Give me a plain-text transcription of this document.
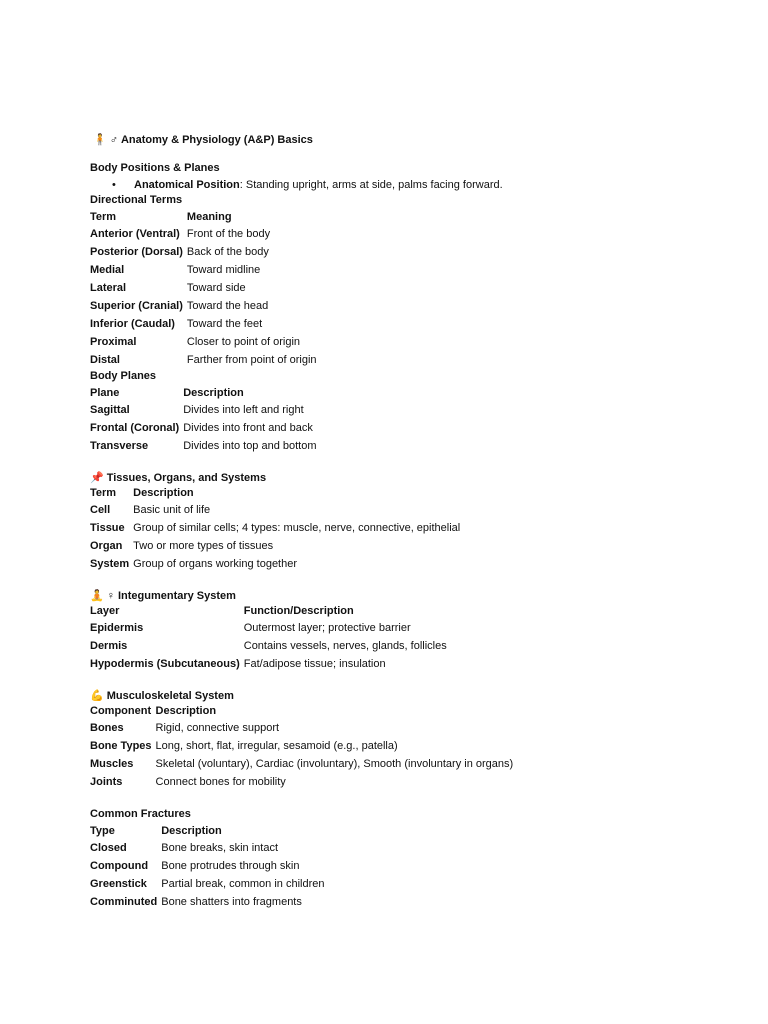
🧍 ♂ Anatomy & Physiology (A&P) Basics
Body Positions & Planes
• Anatomical Position: Standing upright, arms at side, palms facing forward.
Directional Terms
Term	Meaning
Anterior (Ventral)	Front of the body
Posterior (Dorsal)	Back of the body
Medial	Toward midline
Lateral	Toward side
Superior (Cranial)	Toward the head
Inferior (Caudal)	Toward the feet
Proximal	Closer to point of origin
Distal	Farther from point of origin
Body Planes
Plane	Description
Sagittal	Divides into left and right
Frontal (Coronal)	Divides into front and back
Transverse	Divides into top and bottom
📌 Tissues, Organs, and Systems
Term	Description
Cell	Basic unit of life
Tissue	Group of similar cells; 4 types: muscle, nerve, connective, epithelial
Organ	Two or more types of tissues
System	Group of organs working together
🧘 ♀ Integumentary System
Layer	Function/Description
Epidermis	Outermost layer; protective barrier
Dermis	Contains vessels, nerves, glands, follicles
Hypodermis (Subcutaneous)	Fat/adipose tissue; insulation
💪 Musculoskeletal System
Component	Description
Bones	Rigid, connective support
Bone Types	Long, short, flat, irregular, sesamoid (e.g., patella)
Muscles	Skeletal (voluntary), Cardiac (involuntary), Smooth (involuntary in organs)
Joints	Connect bones for mobility
Common Fractures
Type	Description
Closed	Bone breaks, skin intact
Compound	Bone protrudes through skin
Greenstick	Partial break, common in children
Comminuted	Bone shatters into fragments
